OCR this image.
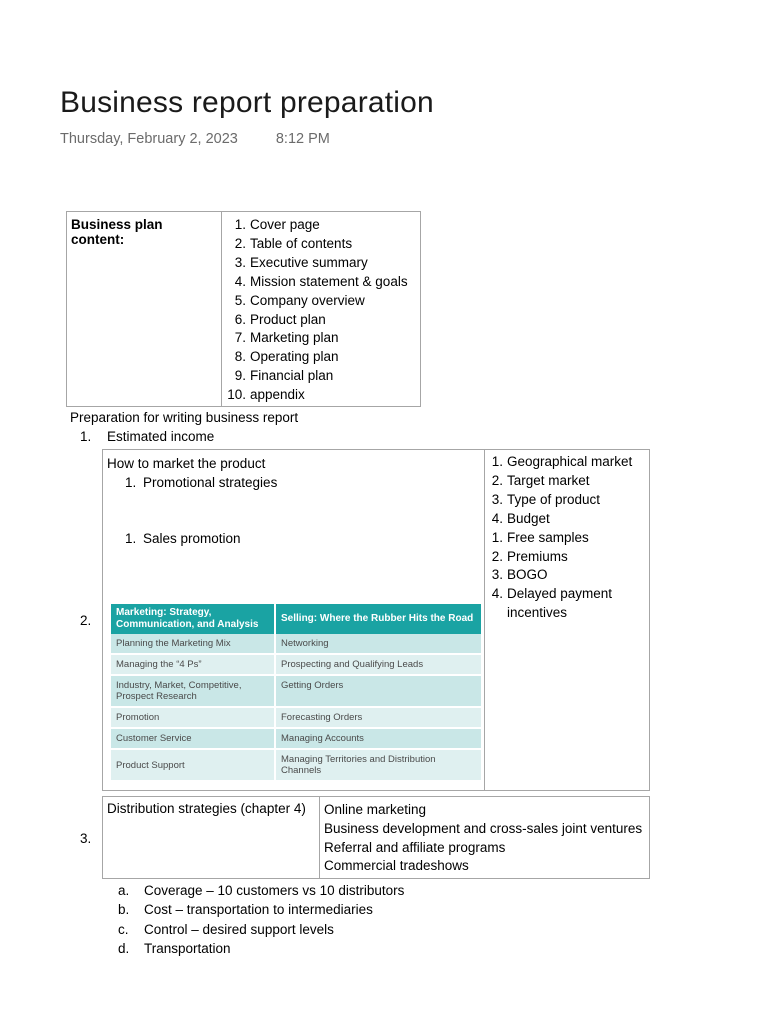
Business report preparation
Thursday, February 2, 2023	8:12 PM
Business plan content:
1. Cover page
2. Table of contents
3. Executive summary
4. Mission statement & goals
5. Company overview
6. Product plan
7. Marketing plan
8. Operating plan
9. Financial plan
10. appendix
Preparation for writing business report
1.	Estimated income
2.
How to market the product
1. Promotional strategies
1. Sales promotion
Marketing: Strategy, Communication, and Analysis	Selling: Where the Rubber Hits the Road
Planning the Marketing Mix	Networking
Managing the “4 Ps”	Prospecting and Qualifying Leads
Industry, Market, Competitive, Prospect Research	Getting Orders
Promotion	Forecasting Orders
Customer Service	Managing Accounts
Product Support	Managing Territories and Distribution Channels
1. Geographical market
2. Target market
3. Type of product
4. Budget
1. Free samples
2. Premiums
3. BOGO
4. Delayed payment incentives
3.
Distribution strategies (chapter 4)	Online marketing
Business development and cross-sales joint ventures
Referral and affiliate programs
Commercial tradeshows
a.	Coverage – 10 customers vs 10 distributors
b.	Cost – transportation to intermediaries
c.	Control – desired support levels
d.	Transportation
